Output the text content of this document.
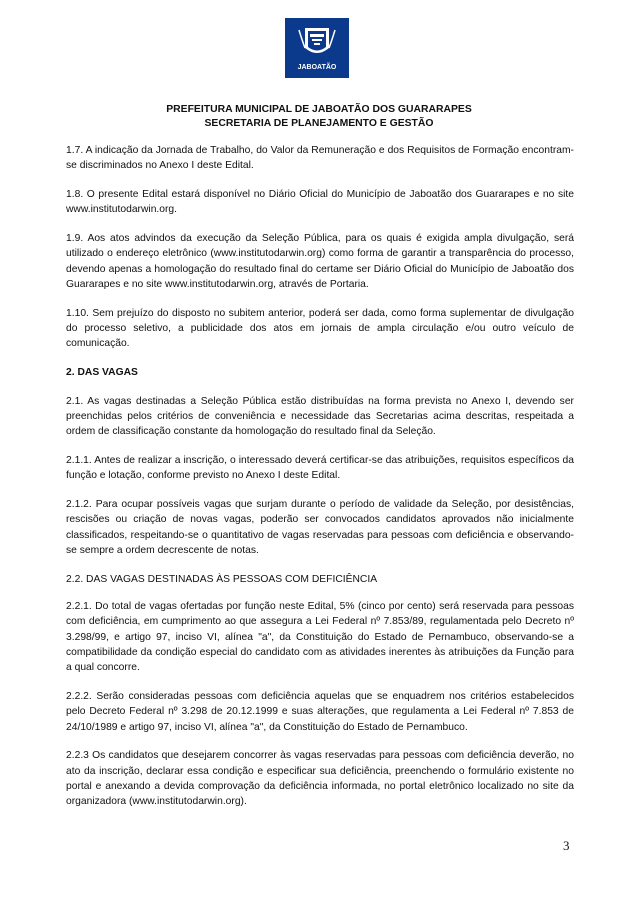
JABOATÃO
PREFEITURA MUNICIPAL DE JABOATÃO DOS GUARARAPES
SECRETARIA DE PLANEJAMENTO E GESTÃO

1.7. A indicação da Jornada de Trabalho, do Valor da Remuneração e dos Requisitos de Formação encontram-se discriminados no Anexo I deste Edital.

1.8. O presente Edital estará disponível no Diário Oficial do Município de Jaboatão dos Guararapes e no site www.institutodarwin.org.

1.9. Aos atos advindos da execução da Seleção Pública, para os quais é exigida ampla divulgação, será utilizado o endereço eletrônico (www.institutodarwin.org) como forma de garantir a transparência do processo, devendo apenas a homologação do resultado final do certame ser Diário Oficial do Município de Jaboatão dos Guararapes e no site www.institutodarwin.org, através de Portaria.

1.10. Sem prejuízo do disposto no subitem anterior, poderá ser dada, como forma suplementar de divulgação do processo seletivo, a publicidade dos atos em jornais de ampla circulação e/ou outro veículo de comunicação.

2. DAS VAGAS

2.1. As vagas destinadas a Seleção Pública estão distribuídas na forma prevista no Anexo I, devendo ser preenchidas pelos critérios de conveniência e necessidade das Secretarias acima descritas, respeitada a ordem de classificação constante da homologação do resultado final da Seleção.

2.1.1. Antes de realizar a inscrição, o interessado deverá certificar-se das atribuições, requisitos específicos da função e lotação, conforme previsto no Anexo I deste Edital.

2.1.2. Para ocupar possíveis vagas que surjam durante o período de validade da Seleção, por desistências, rescisões ou criação de novas vagas, poderão ser convocados candidatos aprovados não inicialmente classificados, respeitando-se o quantitativo de vagas reservadas para pessoas com deficiência e observando-se sempre a ordem decrescente de notas.

2.2. DAS VAGAS DESTINADAS ÀS PESSOAS COM DEFICIÊNCIA

2.2.1. Do total de vagas ofertadas por função neste Edital, 5% (cinco por cento) será reservada para pessoas com deficiência, em cumprimento ao que assegura a Lei Federal nº 7.853/89, regulamentada pelo Decreto nº 3.298/99, e artigo 97, inciso VI, alínea "a", da Constituição do Estado de Pernambuco, observando-se a compatibilidade da condição especial do candidato com as atividades inerentes às atribuições da Função para a qual concorre.

2.2.2. Serão consideradas pessoas com deficiência aquelas que se enquadrem nos critérios estabelecidos pelo Decreto Federal nº 3.298 de 20.12.1999 e suas alterações, que regulamenta a Lei Federal nº 7.853 de 24/10/1989 e artigo 97, inciso VI, alínea "a", da Constituição do Estado de Pernambuco.

2.2.3 Os candidatos que desejarem concorrer às vagas reservadas para pessoas com deficiência deverão, no ato da inscrição, declarar essa condição e especificar sua deficiência, preenchendo o formulário existente no portal e anexando a devida comprovação da deficiência informada, no portal eletrônico localizado no site da organizadora (www.institutodarwin.org).

3
